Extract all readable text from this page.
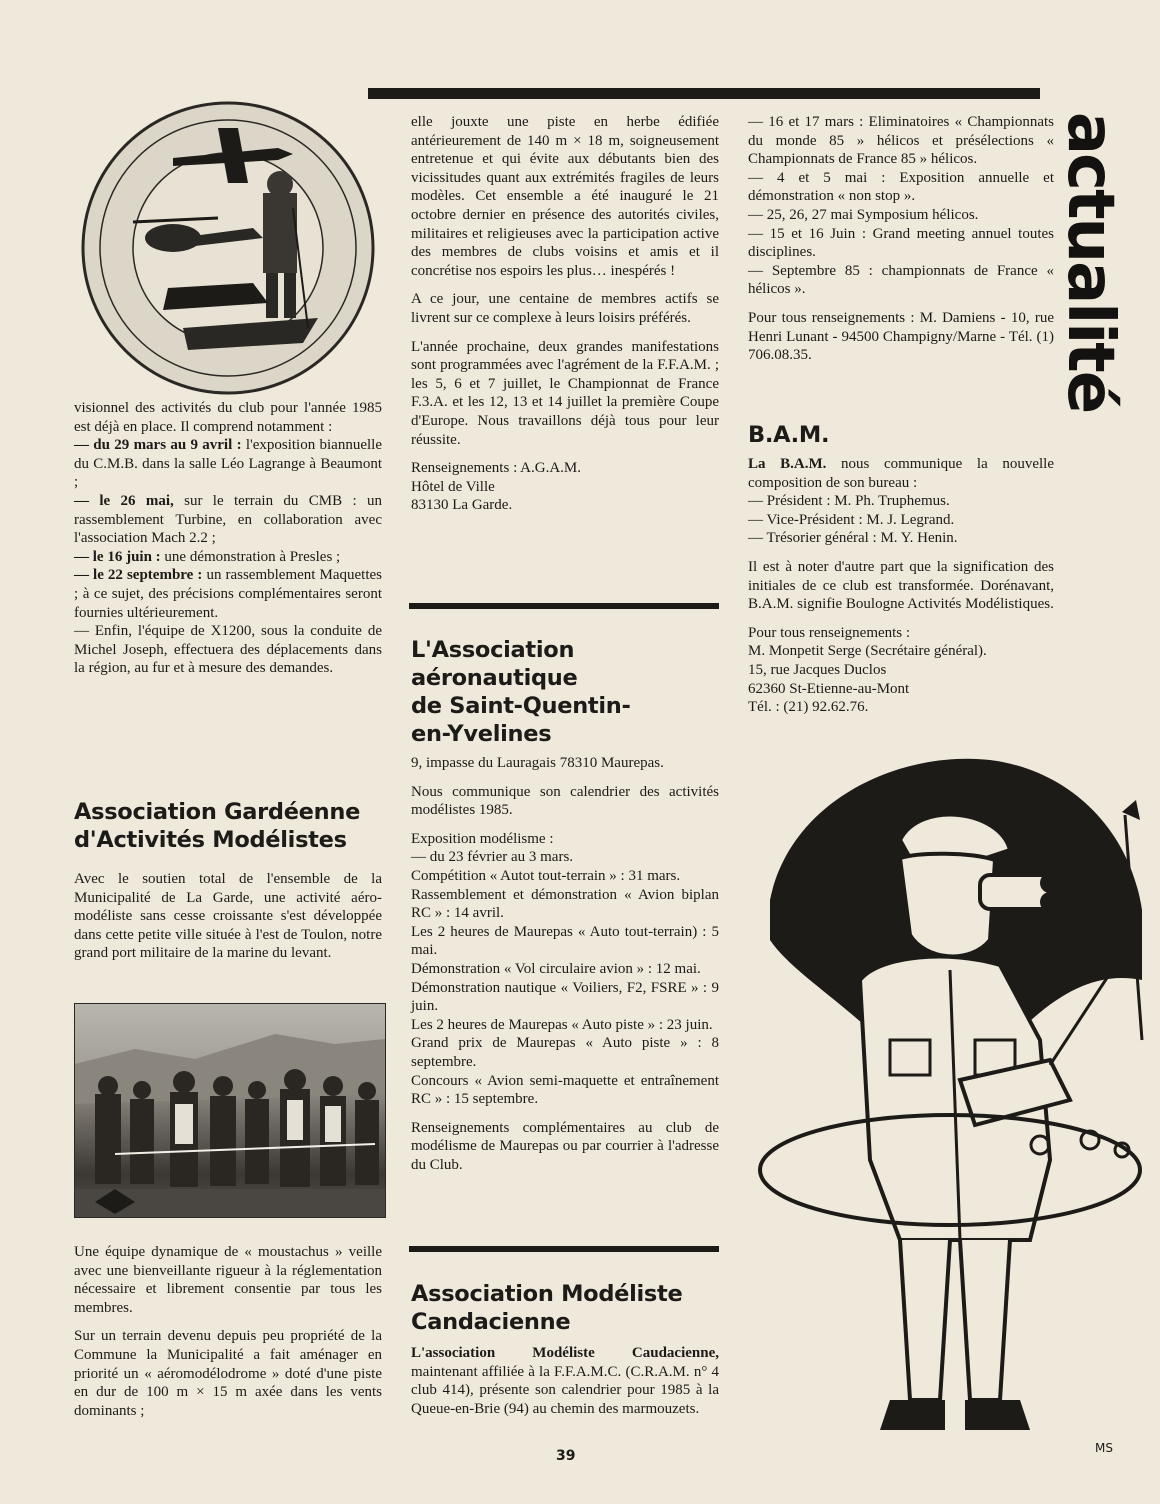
actualité

visionnel des activités du club pour l'année 1985 est déjà en place. Il comprend notamment :

— du 29 mars au 9 avril : l'exposition biannuelle du C.M.B. dans la salle Léo Lagrange à Beaumont ;

— le 26 mai, sur le terrain du CMB : un rassemblement Turbine, en collaboration avec l'association Mach 2.2 ;

— le 16 juin : une démonstration à Presles ;

— le 22 septembre : un rassemblement Maquettes ; à ce sujet, des précisions complémentaires seront fournies ultérieurement.

— Enfin, l'équipe de X1200, sous la conduite de Michel Joseph, effectuera des déplacements dans la région, au fur et à mesure des demandes.

Association Gardéenne
d'Activités Modélistes

Avec le soutien total de l'ensemble de la Municipalité de La Garde, une activité aéro-modéliste sans cesse croissante s'est développée dans cette petite ville située à l'est de Toulon, notre grand port militaire de la marine du levant.

Une équipe dynamique de « moustachus » veille avec une bienveillante rigueur à la réglementation nécessaire et librement consentie par tous les membres.

Sur un terrain devenu depuis peu propriété de la Commune la Municipalité a fait aménager en priorité un « aéromodélodrome » doté d'une piste en dur de 100 m × 15 m axée dans les vents dominants ;

elle jouxte une piste en herbe édifiée antérieurement de 140 m × 18 m, soigneusement entretenue et qui évite aux débutants bien des vicissitudes quant aux extrémités fragiles de leurs modèles. Cet ensemble a été inauguré le 21 octobre dernier en présence des autorités civiles, militaires et religieuses avec la participation active des membres de clubs voisins et amis et il concrétise nos espoirs les plus… inespérés !

A ce jour, une centaine de membres actifs se livrent sur ce complexe à leurs loisirs préférés.

L'année prochaine, deux grandes manifestations sont programmées avec l'agrément de la F.F.A.M. ; les 5, 6 et 7 juillet, le Championnat de France F.3.A. et les 12, 13 et 14 juillet la première Coupe d'Europe. Nous travaillons déjà tous pour leur réussite.

Renseignements : A.G.A.M.
Hôtel de Ville
83130 La Garde.

L'Association
aéronautique
de Saint-Quentin-
en-Yvelines

9, impasse du Lauragais 78310 Maurepas.

Nous communique son calendrier des activités modélistes 1985.

Exposition modélisme :

— du 23 février au 3 mars.

Compétition « Autot tout-terrain » : 31 mars.

Rassemblement et démonstration « Avion biplan RC » : 14 avril.

Les 2 heures de Maurepas « Auto tout-terrain) : 5 mai.

Démonstration « Vol circulaire avion » : 12 mai.

Démonstration nautique « Voiliers, F2, FSRE » : 9 juin.

Les 2 heures de Maurepas « Auto piste » : 23 juin.

Grand prix de Maurepas « Auto piste » : 8 septembre.

Concours « Avion semi-maquette et entraînement RC » : 15 septembre.

Renseignements complémentaires au club de modélisme de Maurepas ou par courrier à l'adresse du Club.

Association Modéliste
Candacienne

L'association Modéliste Caudacienne, maintenant affiliée à la F.F.A.M.C. (C.R.A.M. n° 4 club 414), présente son calendrier pour 1985 à la Queue-en-Brie (94) au chemin des marmouzets.

— 16 et 17 mars : Eliminatoires « Championnats du monde 85 » hélicos et présélections « Championnats de France 85 » hélicos.

— 4 et 5 mai : Exposition annuelle et démonstration « non stop ».

— 25, 26, 27 mai Symposium hélicos.

— 15 et 16 Juin : Grand meeting annuel toutes disciplines.

— Septembre 85 : championnats de France « hélicos ».

Pour tous renseignements : M. Damiens - 10, rue Henri Lunant - 94500 Champigny/Marne - Tél. (1) 706.08.35.

B.A.M.

La B.A.M. nous communique la nouvelle composition de son bureau :

— Président : M. Ph. Truphemus.

— Vice-Président : M. J. Legrand.

— Trésorier général : M. Y. Henin.

Il est à noter d'autre part que la signification des initiales de ce club est transformée. Dorénavant, B.A.M. signifie Boulogne Activités Modélistiques.

Pour tous renseignements :
M. Monpetit Serge (Secrétaire général).
15, rue Jacques Duclos
62360 St-Etienne-au-Mont
Tél. : (21) 92.62.76.

MS
39
